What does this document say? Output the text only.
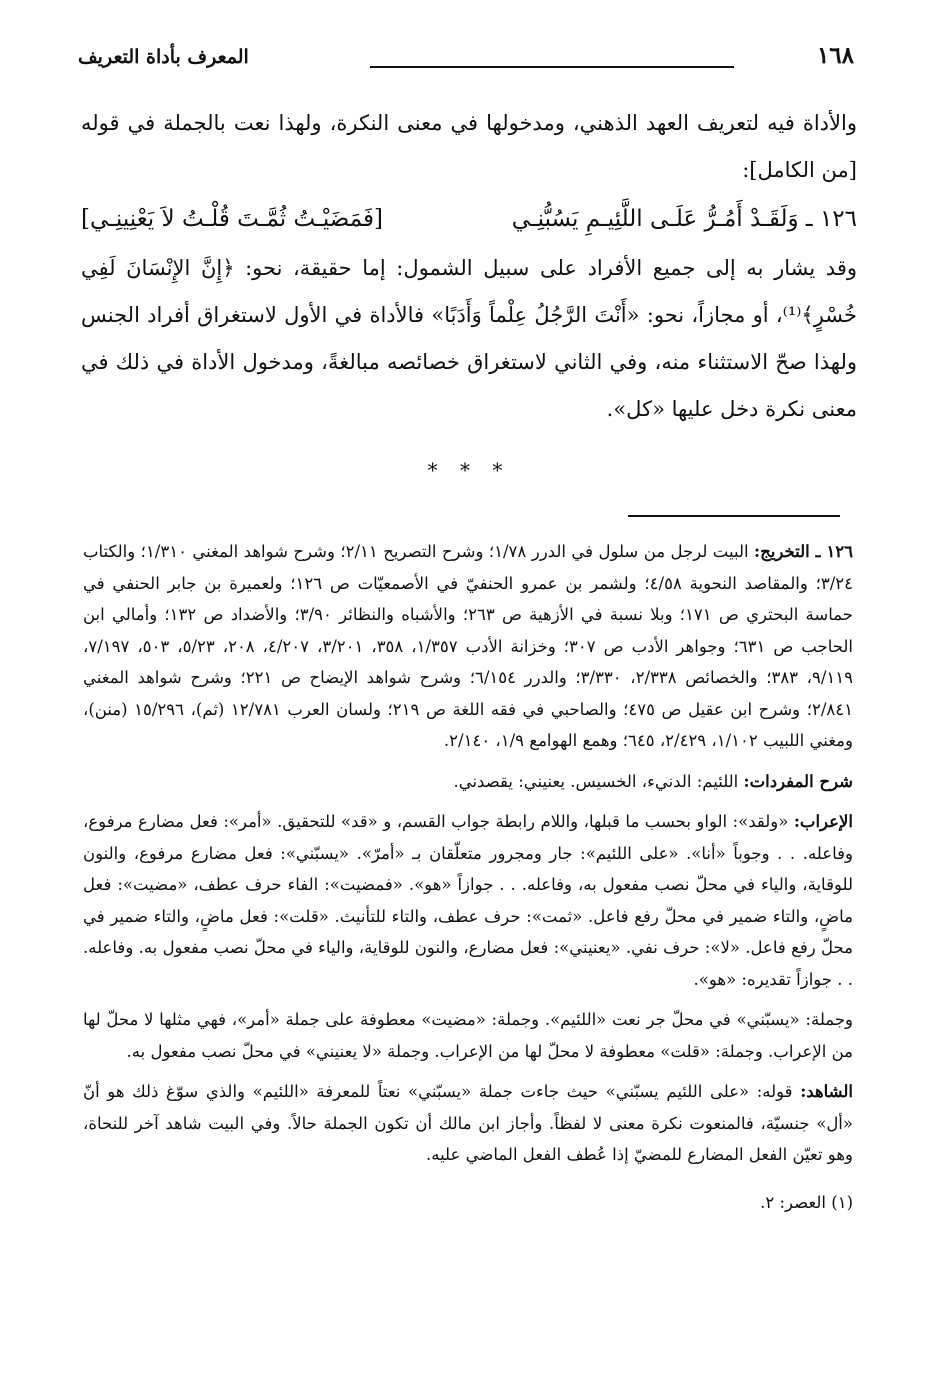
١٦٨
المعرف بأداة التعريف

والأداة فيه لتعريف العهد الذهني، ومدخولها في معنى النكرة، ولهذا نعت بالجملة في قوله [من الكامل]:

١٢٦ ـ وَلَقَـدْ أَمُـرُّ عَلَـى اللَّئِيـمِ يَسُبُّنِـي
[فَمَضَيْـتُ ثُمَّـتَ قُلْـتُ لاَ يَعْنِينِـي]

وقد يشار به إلى جميع الأفراد على سبيل الشمول: إما حقيقة، نحو: ﴿إِنَّ الإِنْسَانَ لَفِي خُسْرٍ﴾⁽¹⁾، أو مجازاً، نحو: «أَنْتَ الرَّجُلُ عِلْماً وَأَدَبًا» فالأداة في الأول لاستغراق أفراد الجنس ولهذا صحّ الاستثناء منه، وفي الثاني لاستغراق خصائصه مبالغةً، ومدخول الأداة في ذلك في معنى نكرة دخل عليها «كل».

* * *

١٢٦ ـ التخريج: البيت لرجل من سلول في الدرر ١/٧٨؛ وشرح التصريح ٢/١١؛ وشرح شواهد المغني ١/٣١٠؛ والكتاب ٣/٢٤؛ والمقاصد النحوية ٤/٥٨؛ ولشمر بن عمرو الحنفيّ في الأصمعيّات ص ١٢٦؛ ولعميرة بن جابر الحنفي في حماسة البحتري ص ١٧١؛ وبلا نسبة في الأزهية ص ٢٦٣؛ والأشباه والنظائر ٣/٩٠؛ والأضداد ص ١٣٢؛ وأمالي ابن الحاجب ص ٦٣١؛ وجواهر الأدب ص ٣٠٧؛ وخزانة الأدب ١/٣٥٧، ٣٥٨، ٣/٢٠١، ٤/٢٠٧، ٢٠٨، ٥/٢٣، ٥٠٣، ٧/١٩٧، ٩/١١٩، ٣٨٣؛ والخصائص ٢/٣٣٨، ٣/٣٣٠؛ والدرر ٦/١٥٤؛ وشرح شواهد الإيضاح ص ٢٢١؛ وشرح شواهد المغني ٢/٨٤١؛ وشرح ابن عقيل ص ٤٧٥؛ والصاحبي في فقه اللغة ص ٢١٩؛ ولسان العرب ١٢/٧٨١ (ثم)، ١٥/٢٩٦ (منن)، ومغني اللبيب ١/١٠٢، ٢/٤٢٩، ٦٤٥؛ وهمع الهوامع ١/٩، ٢/١٤٠.

شرح المفردات: اللئيم: الدنيء، الخسيس. يعنيني: يقصدني.

الإعراب: «ولقد»: الواو بحسب ما قبلها، واللام رابطة جواب القسم، و «قد» للتحقيق. «أمر»: فعل مضارع مرفوع، وفاعله. . . وجوباً «أنا». «على اللئيم»: جار ومجرور متعلّقان بـ «أمرّ». «يسبّني»: فعل مضارع مرفوع، والنون للوقاية، والياء في محلّ نصب مفعول به، وفاعله. . . جوازاً «هو». «فمضيت»: الفاء حرف عطف، «مضيت»: فعل ماضٍ، والتاء ضمير في محلّ رفع فاعل. «ثمت»: حرف عطف، والتاء للتأنيث. «قلت»: فعل ماضٍ، والتاء ضمير في محلّ رفع فاعل. «لا»: حرف نفي. «يعنيني»: فعل مضارع، والنون للوقاية، والياء في محلّ نصب مفعول به. وفاعله. . . جوازاً تقديره: «هو».

وجملة: «يسبّني» في محلّ جر نعت «اللئيم». وجملة: «مضيت» معطوفة على جملة «أمر»، فهي مثلها لا محلّ لها من الإعراب. وجملة: «قلت» معطوفة لا محلّ لها من الإعراب. وجملة «لا يعنيني» في محلّ نصب مفعول به.

الشاهد: قوله: «على اللئيم يسبّني» حيث جاءت جملة «يسبّني» نعتاً للمعرفة «اللئيم» والذي سوّغ ذلك هو أنّ «أل» جنسيّة، فالمنعوت نكرة معنى لا لفظاً. وأجاز ابن مالك أن تكون الجملة حالاً. وفي البيت شاهد آخر للنحاة، وهو تعيّن الفعل المضارع للمضيّ إذا عُطف الفعل الماضي عليه.

(١) العصر: ٢.
